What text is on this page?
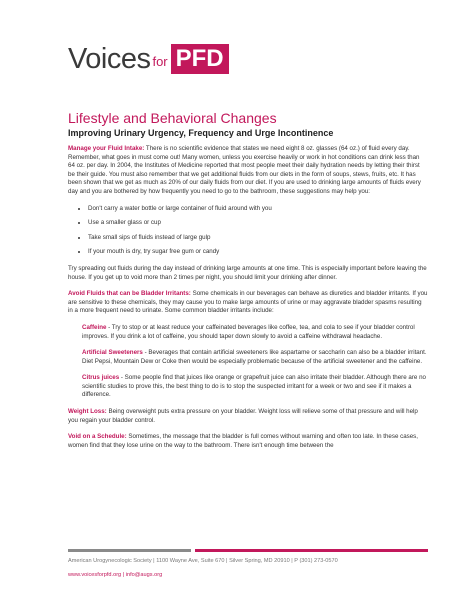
Voices for PFD
Lifestyle and Behavioral Changes
Improving Urinary Urgency, Frequency and Urge Incontinence

Manage your Fluid Intake: There is no scientific evidence that states we need eight 8 oz. glasses (64 oz.) of fluid every day. Remember, what goes in must come out! Many women, unless you exercise heavily or work in hot conditions can drink less than 64 oz. per day. In 2004, the Institutes of Medicine reported that most people meet their daily hydration needs by letting their thirst be their guide. You must also remember that we get additional fluids from our diets in the form of soups, stews, fruits, etc. It has been shown that we get as much as 20% of our daily fluids from our diet. If you are used to drinking large amounts of fluids every day and you are bothered by how frequently you need to go to the bathroom, these suggestions may help you:

• Don't carry a water bottle or large container of fluid around with you
• Use a smaller glass or cup
• Take small sips of fluids instead of large gulp
• If your mouth is dry, try sugar free gum or candy

Try spreading out fluids during the day instead of drinking large amounts at one time. This is especially important before leaving the house. If you get up to void more than 2 times per night, you should limit your drinking after dinner.

Avoid Fluids that can be Bladder Irritants: Some chemicals in our beverages can behave as diuretics and bladder irritants. If you are sensitive to these chemicals, they may cause you to make large amounts of urine or may aggravate bladder spasms resulting in a more frequent need to urinate. Some common bladder irritants include:

Caffeine - Try to stop or at least reduce your caffeinated beverages like coffee, tea, and cola to see if your bladder control improves. If you drink a lot of caffeine, you should taper down slowly to avoid a caffeine withdrawal headache.

Artificial Sweeteners - Beverages that contain artificial sweeteners like aspartame or saccharin can also be a bladder irritant. Diet Pepsi, Mountain Dew or Coke then would be especially problematic because of the artificial sweetener and the caffeine.

Citrus juices - Some people find that juices like orange or grapefruit juice can also irritate their bladder. Although there are no scientific studies to prove this, the best thing to do is to stop the suspected irritant for a week or two and see if it makes a difference.

Weight Loss: Being overweight puts extra pressure on your bladder. Weight loss will relieve some of that pressure and will help you regain your bladder control.

Void on a Schedule: Sometimes, the message that the bladder is full comes without warning and often too late. In these cases, women find that they lose urine on the way to the bathroom. There isn't enough time between the

American Urogynecologic Society | 1100 Wayne Ave, Suite 670 | Silver Spring, MD 20910 | P (301) 273-0570
www.voicesforpfd.org | info@augs.org
